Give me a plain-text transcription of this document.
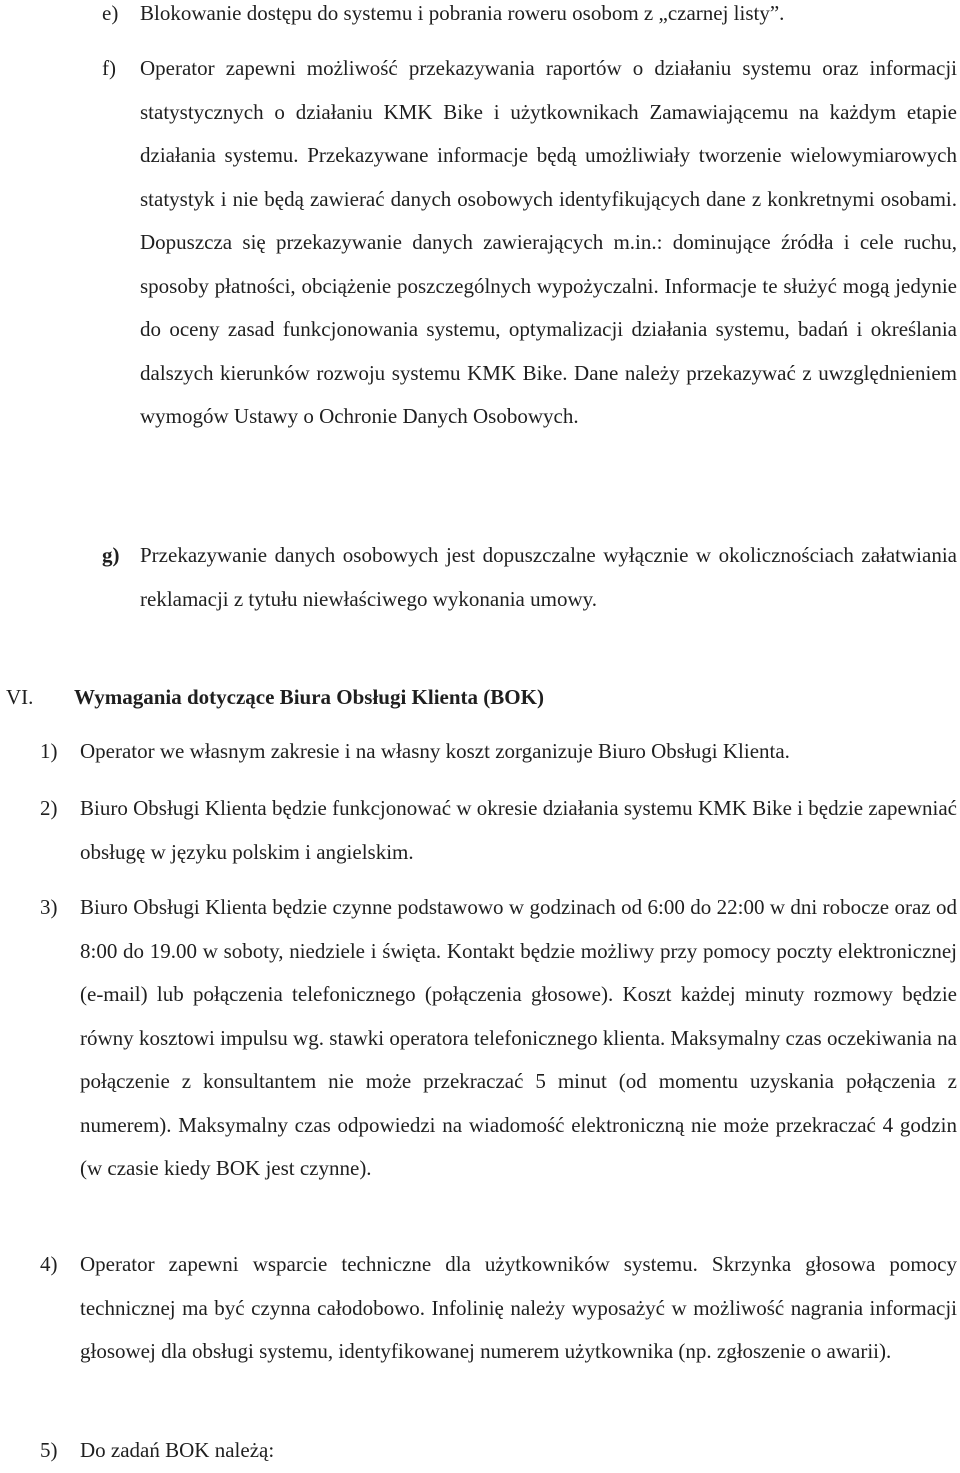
e) Blokowanie dostępu do systemu i pobrania roweru osobom z „czarnej listy”.

f) Operator zapewni możliwość przekazywania raportów o działaniu systemu oraz informacji statystycznych o działaniu KMK Bike i użytkownikach Zamawiającemu na każdym etapie działania systemu. Przekazywane informacje będą umożliwiały tworzenie wielowymiarowych statystyk i nie będą zawierać danych osobowych identyfikujących dane z konkretnymi osobami. Dopuszcza się przekazywanie danych zawierających m.in.: dominujące źródła i cele ruchu, sposoby płatności, obciążenie poszczególnych wypożyczalni. Informacje te służyć mogą jedynie do oceny zasad funkcjonowania systemu, optymalizacji działania systemu, badań i określania dalszych kierunków rozwoju systemu KMK Bike. Dane należy przekazywać z uwzględnieniem wymogów Ustawy o Ochronie Danych Osobowych.

g) Przekazywanie danych osobowych jest dopuszczalne wyłącznie w okolicznościach załatwiania reklamacji z tytułu niewłaściwego wykonania umowy.

VI. Wymagania dotyczące Biura Obsługi Klienta (BOK)
1) Operator we własnym zakresie i na własny koszt zorganizuje Biuro Obsługi Klienta.

2) Biuro Obsługi Klienta będzie funkcjonować w okresie działania systemu KMK Bike i będzie zapewniać obsługę w języku polskim i angielskim.

3) Biuro Obsługi Klienta będzie czynne podstawowo w godzinach od 6:00 do 22:00 w dni robocze oraz od 8:00 do 19.00 w soboty, niedziele i święta. Kontakt będzie możliwy przy pomocy poczty elektronicznej (e-mail) lub połączenia telefonicznego (połączenia głosowe). Koszt każdej minuty rozmowy będzie równy kosztowi impulsu wg. stawki operatora telefonicznego klienta. Maksymalny czas oczekiwania na połączenie z konsultantem nie może przekraczać 5 minut (od momentu uzyskania połączenia z numerem). Maksymalny czas odpowiedzi na wiadomość elektroniczną nie może przekraczać 4 godzin (w czasie kiedy BOK jest czynne).

4) Operator zapewni wsparcie techniczne dla użytkowników systemu. Skrzynka głosowa pomocy technicznej ma być czynna całodobowo. Infolinię należy wyposażyć w możliwość nagrania informacji głosowej dla obsługi systemu, identyfikowanej numerem użytkownika (np. zgłoszenie o awarii).

5) Do zadań BOK należą:
